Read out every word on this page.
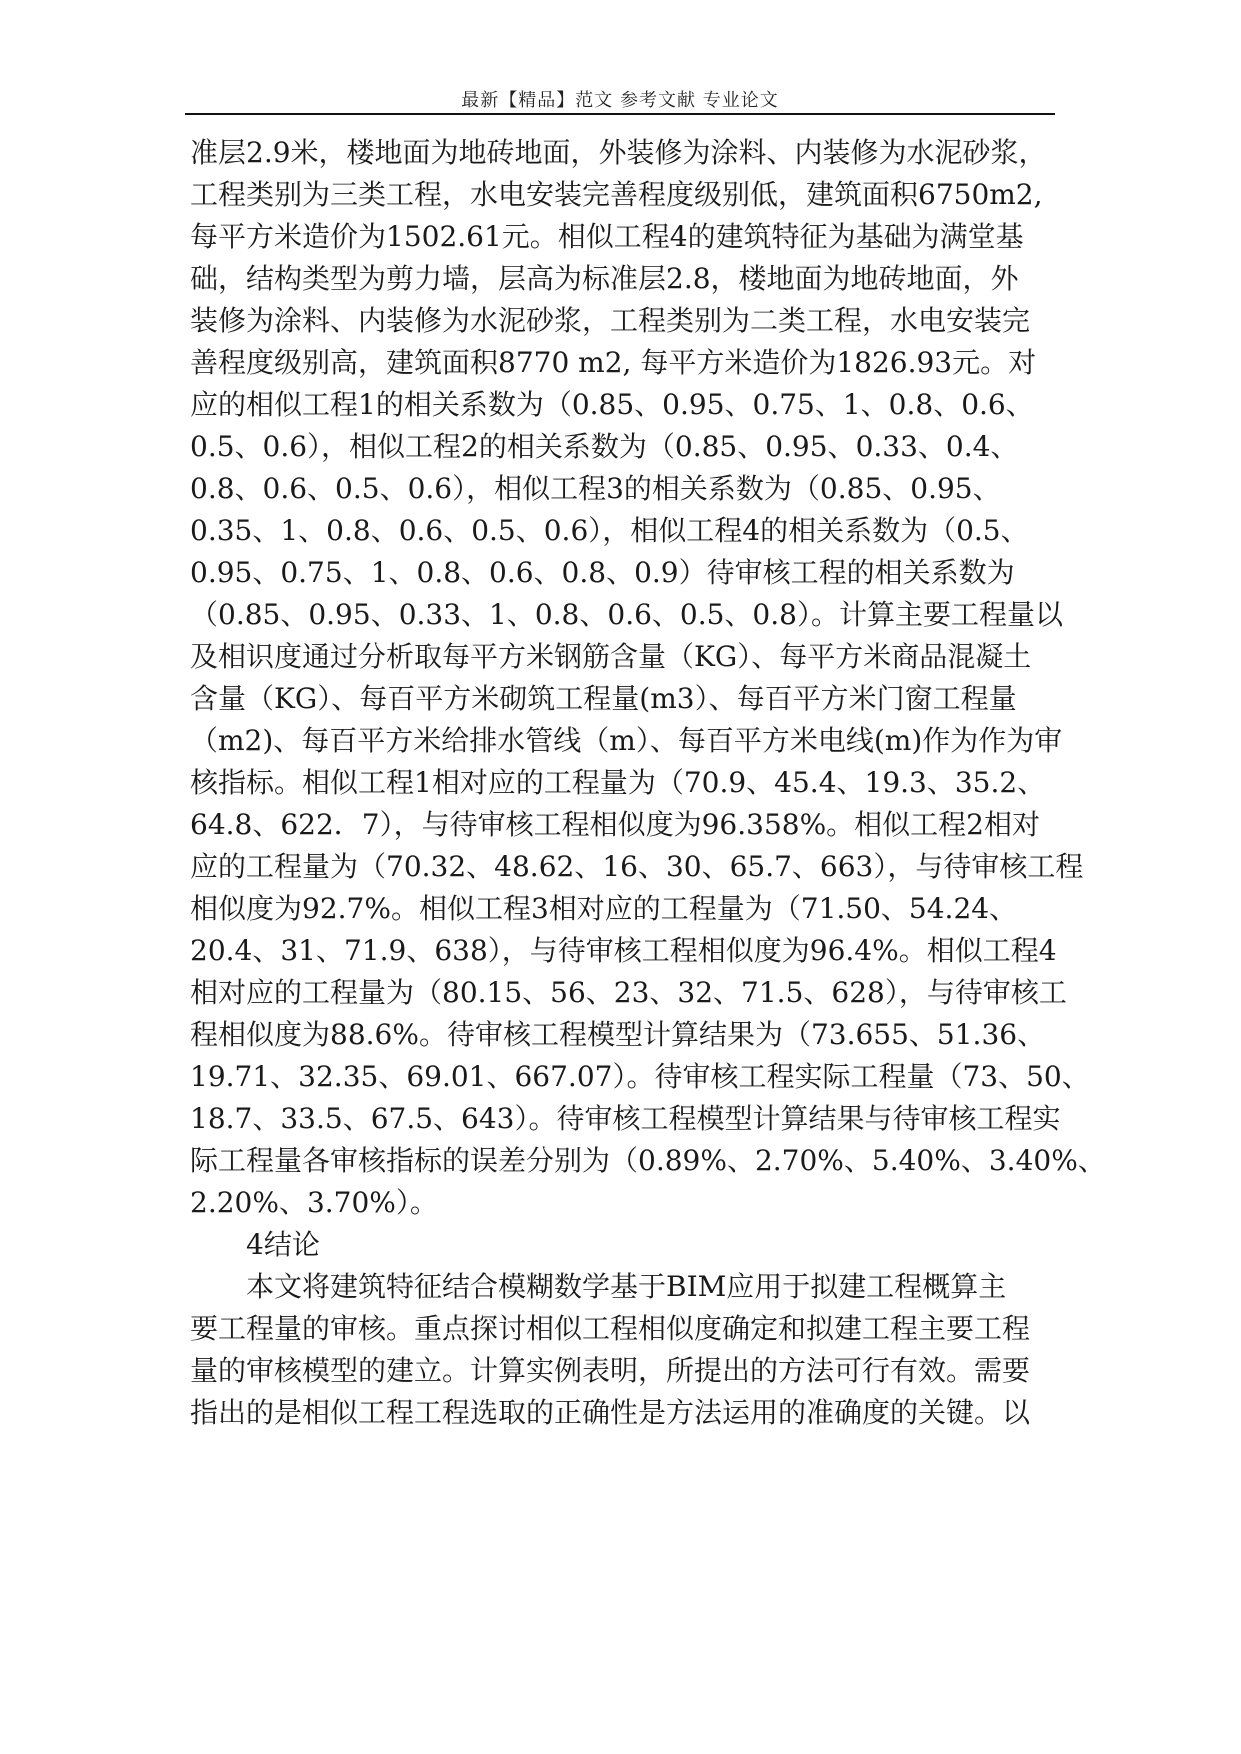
最新【精品】范文 参考文献 专业论文
准层2.9米，楼地面为地砖地面，外装修为涂料、内装修为水泥砂浆，
工程类别为三类工程，水电安装完善程度级别低，建筑面积6750m2,
每平方米造价为1502.61元。相似工程4的建筑特征为基础为满堂基
础，结构类型为剪力墙，层高为标准层2.8，楼地面为地砖地面，外
装修为涂料、内装修为水泥砂浆，工程类别为二类工程，水电安装完
善程度级别高，建筑面积8770 m2, 每平方米造价为1826.93元。对
应的相似工程1的相关系数为（0.85、0.95、0.75、1、0.8、0.6、
0.5、0.6），相似工程2的相关系数为（0.85、0.95、0.33、0.4、
0.8、0.6、0.5、0.6），相似工程3的相关系数为（0.85、0.95、
0.35、1、0.8、0.6、0.5、0.6），相似工程4的相关系数为（0.5、
0.95、0.75、1、0.8、0.6、0.8、0.9）待审核工程的相关系数为
（0.85、0.95、0.33、1、0.8、0.6、0.5、0.8）。计算主要工程量以
及相识度通过分析取每平方米钢筋含量（KG）、每平方米商品混凝土
含量（KG）、每百平方米砌筑工程量(m3）、每百平方米门窗工程量
（m2)、每百平方米给排水管线（m）、每百平方米电线(m)作为作为审
核指标。相似工程1相对应的工程量为（70.9、45.4、19.3、35.2、
64.8、622．7），与待审核工程相似度为96.358%。相似工程2相对
应的工程量为（70.32、48.62、16、30、65.7、663），与待审核工程
相似度为92.7%。相似工程3相对应的工程量为（71.50、54.24、
20.4、31、71.9、638），与待审核工程相似度为96.4%。相似工程4
相对应的工程量为（80.15、56、23、32、71.5、628），与待审核工
程相似度为88.6%。待审核工程模型计算结果为（73.655、51.36、
19.71、32.35、69.01、667.07）。待审核工程实际工程量（73、50、
18.7、33.5、67.5、643）。待审核工程模型计算结果与待审核工程实
际工程量各审核指标的误差分别为（0.89%、2.70%、5.40%、3.40%、
2.20%、3.70%）。
4结论
本文将建筑特征结合模糊数学基于BIM应用于拟建工程概算主
要工程量的审核。重点探讨相似工程相似度确定和拟建工程主要工程
量的审核模型的建立。计算实例表明，所提出的方法可行有效。需要
指出的是相似工程工程选取的正确性是方法运用的准确度的关键。以
